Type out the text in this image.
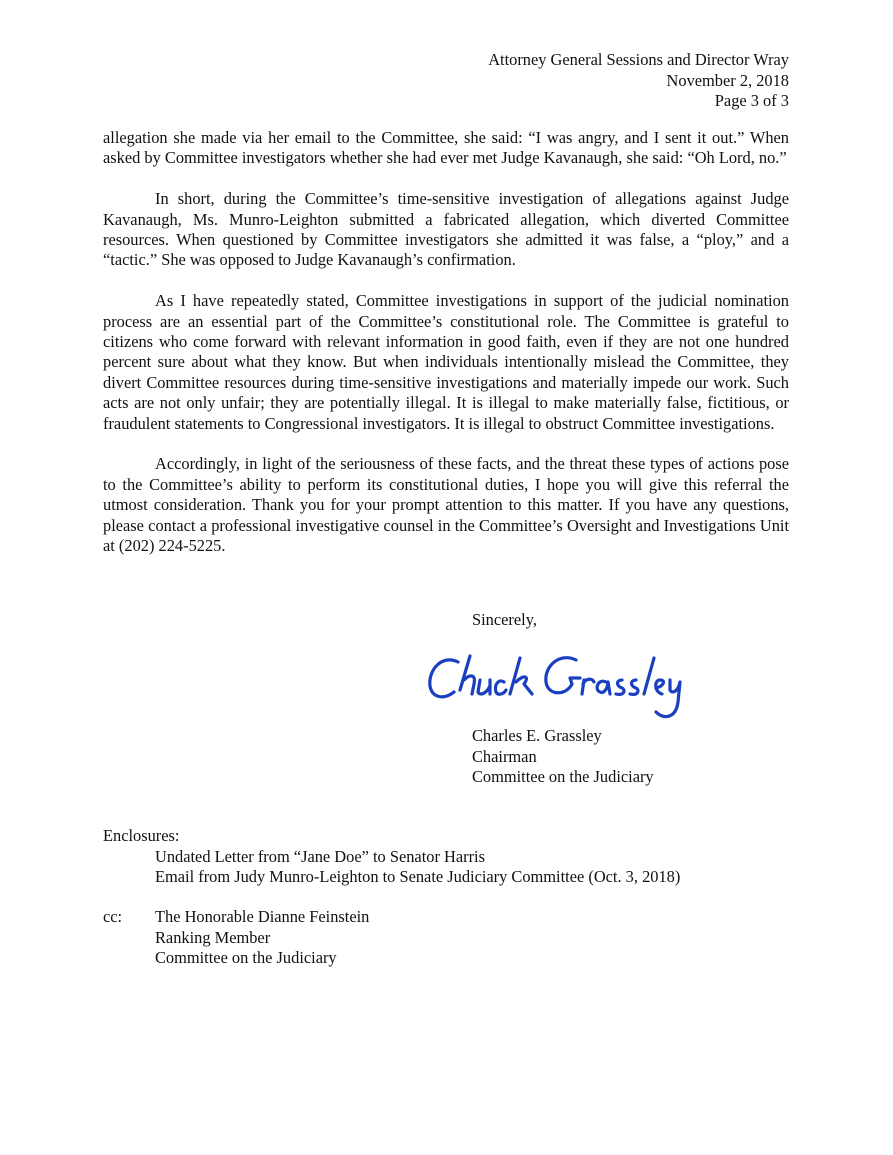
Attorney General Sessions and Director Wray
November 2, 2018
Page 3 of 3

allegation she made via her email to the Committee, she said: “I was angry, and I sent it out.” When asked by Committee investigators whether she had ever met Judge Kavanaugh, she said: “Oh Lord, no.”

In short, during the Committee’s time-sensitive investigation of allegations against Judge Kavanaugh, Ms. Munro-Leighton submitted a fabricated allegation, which diverted Committee resources. When questioned by Committee investigators she admitted it was false, a “ploy,” and a “tactic.” She was opposed to Judge Kavanaugh’s confirmation.

As I have repeatedly stated, Committee investigations in support of the judicial nomination process are an essential part of the Committee’s constitutional role. The Committee is grateful to citizens who come forward with relevant information in good faith, even if they are not one hundred percent sure about what they know. But when individuals intentionally mislead the Committee, they divert Committee resources during time-sensitive investigations and materially impede our work. Such acts are not only unfair; they are potentially illegal. It is illegal to make materially false, fictitious, or fraudulent statements to Congressional investigators. It is illegal to obstruct Committee investigations.

Accordingly, in light of the seriousness of these facts, and the threat these types of actions pose to the Committee’s ability to perform its constitutional duties, I hope you will give this referral the utmost consideration. Thank you for your prompt attention to this matter. If you have any questions, please contact a professional investigative counsel in the Committee’s Oversight and Investigations Unit at (202) 224-5225.

Sincerely,
Charles E. Grassley
Chairman
Committee on the Judiciary
Enclosures:
Undated Letter from “Jane Doe” to Senator Harris
Email from Judy Munro-Leighton to Senate Judiciary Committee (Oct. 3, 2018)
cc: The Honorable Dianne Feinstein
Ranking Member
Committee on the Judiciary
